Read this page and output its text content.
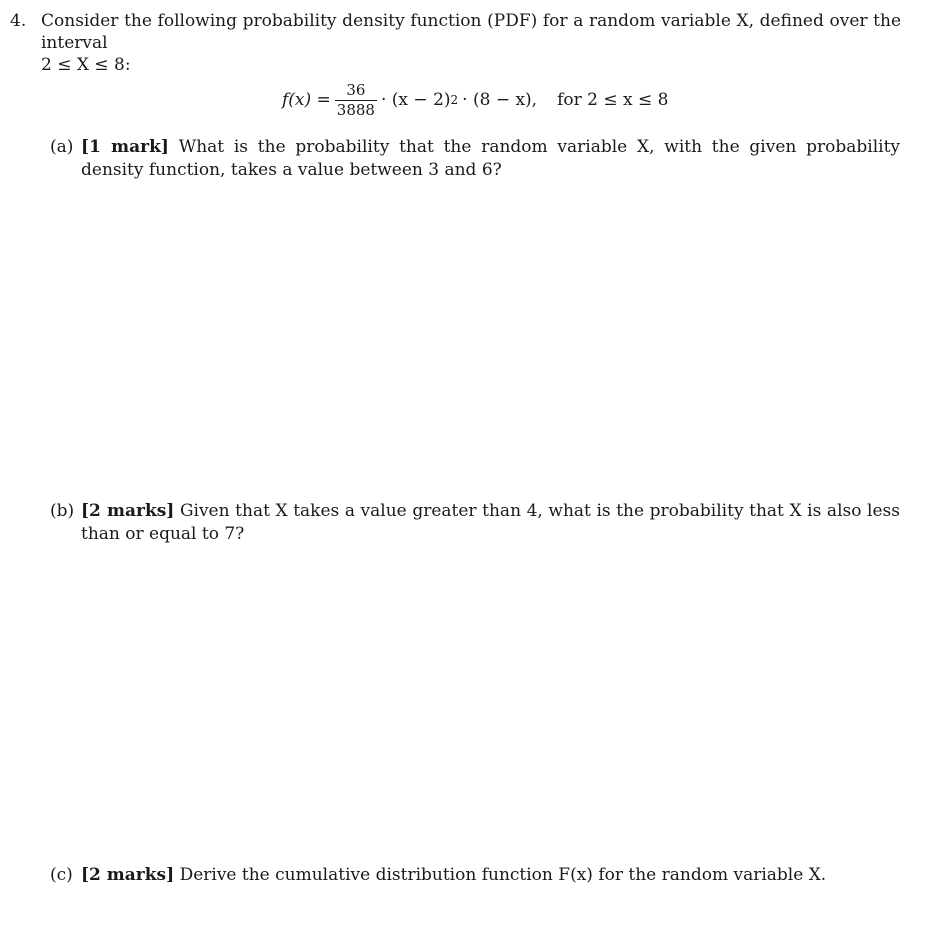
4. Consider the following probability density function (PDF) for a random variable X, defined over the interval
2 ≤ X ≤ 8:
$f(x) = \frac{36}{3888} \cdot (x - 2) 2 \cdot (8 - x)$, for 2 ≤ x ≤ 8
(a) [1 mark] What is the probability that the random variable X, with the given probability density function, takes a value between 3 and 6?
(b) [2 marks] Given that X takes a value greater than 4, what is the probability that X is also less than or equal to 7?
(c) [2 marks] Derive the cumulative distribution function F(x) for the random variable X.
